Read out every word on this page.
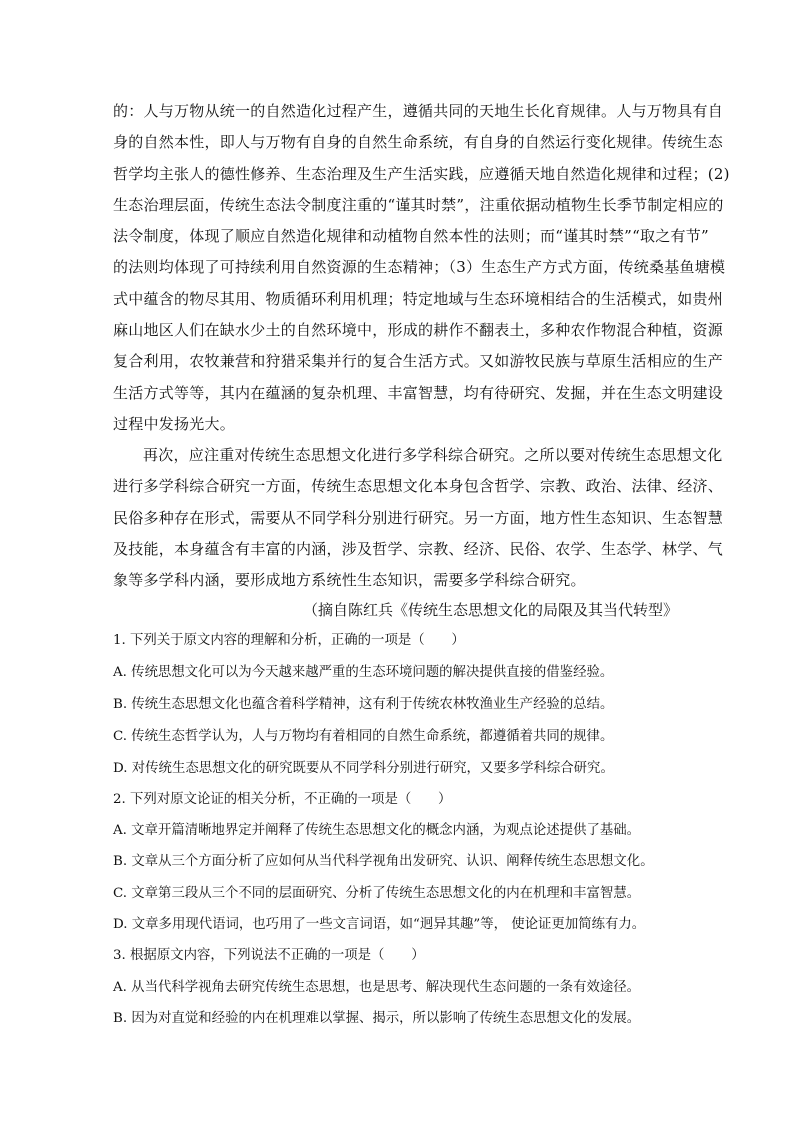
的：人与万物从统一的自然造化过程产生，遵循共同的天地生长化育规律。人与万物具有自

身的自然本性，即人与万物有自身的自然生命系统，有自身的自然运行变化规律。传统生态

哲学均主张人的德性修养、生态治理及生产生活实践，应遵循天地自然造化规律和过程；(2)

生态治理层面，传统生态法令制度注重的“谨其时禁”，注重依据动植物生长季节制定相应的

法令制度，体现了顺应自然造化规律和动植物自然本性的法则；而“谨其时禁”“取之有节”

的法则均体现了可持续利用自然资源的生态精神；（3）生态生产方式方面，传统桑基鱼塘模

式中蕴含的物尽其用、物质循环利用机理；特定地域与生态环境相结合的生活模式，如贵州

麻山地区人们在缺水少土的自然环境中，形成的耕作不翻表土，多种农作物混合种植，资源

复合利用，农牧兼营和狩猎采集并行的复合生活方式。又如游牧民族与草原生活相应的生产

生活方式等等，其内在蕴涵的复杂机理、丰富智慧，均有待研究、发掘，并在生态文明建设

过程中发扬光大。

再次，应注重对传统生态思想文化进行多学科综合研究。之所以要对传统生态思想文化

进行多学科综合研究一方面，传统生态思想文化本身包含哲学、宗教、政治、法律、经济、

民俗多种存在形式，需要从不同学科分别进行研究。另一方面，地方性生态知识、生态智慧

及技能，本身蕴含有丰富的内涵，涉及哲学、宗教、经济、民俗、农学、生态学、林学、气

象等多学科内涵，要形成地方系统性生态知识，需要多学科综合研究。

（摘自陈红兵《传统生态思想文化的局限及其当代转型》
1. 下列关于原文内容的理解和分析，正确的一项是（　　）
A. 传统思想文化可以为今天越来越严重的生态环境问题的解决提供直接的借鉴经验。
B. 传统生态思想文化也蕴含着科学精神，这有利于传统农林牧渔业生产经验的总结。
C. 传统生态哲学认为，人与万物均有着相同的自然生命系统，都遵循着共同的规律。
D. 对传统生态思想文化的研究既要从不同学科分别进行研究，又要多学科综合研究。
2. 下列对原文论证的相关分析，不正确的一项是（　　）
A. 文章开篇清晰地界定并阐释了传统生态思想文化的概念内涵，为观点论述提供了基础。
B. 文章从三个方面分析了应如何从当代科学视角出发研究、认识、阐释传统生态思想文化。
C. 文章第三段从三个不同的层面研究、分析了传统生态思想文化的内在机理和丰富智慧。
D. 文章多用现代语词，也巧用了一些文言词语，如“迥异其趣”等， 使论证更加简练有力。
3. 根据原文内容，下列说法不正确的一项是（　　）
A. 从当代科学视角去研究传统生态思想，也是思考、解决现代生态问题的一条有效途径。
B. 因为对直觉和经验的内在机理难以掌握、揭示，所以影响了传统生态思想文化的发展。
